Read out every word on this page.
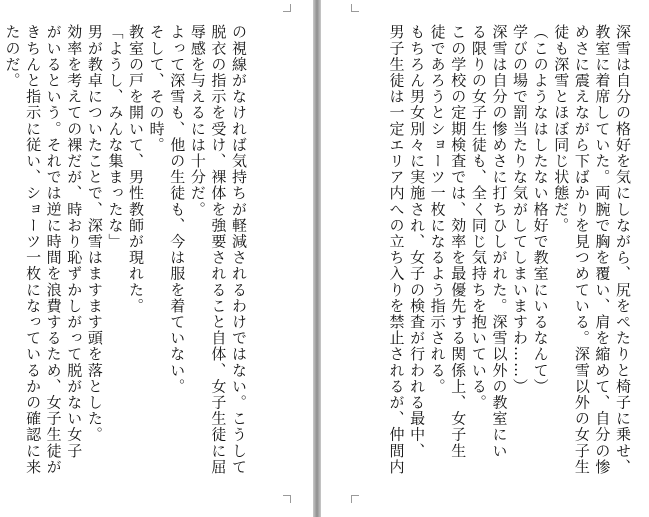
の視線がなければ気持ちが軽減されるわけではない。こうして
脱衣の指示を受け、裸体を強要されること自体、女子生徒に屈
辱感を与えるには十分だ。
よって深雪も、他の生徒も、今は服を着ていない。
そして、その時。
教室の戸を開いて、男性教師が現れた。
「ようし、みんな集まったな」
男が教卓についたことで、深雪はますます頭を落とした。
効率を考えての裸だが、時おり恥ずかしがって脱がない女子
がいるという。それでは逆に時間を浪費するため、女子生徒が
きちんと指示に従い、ショーツ一枚になっているかの確認に来
たのだ。	深雪は自分の格好を気にしながら、尻をぺたりと椅子に乗せ、
教室に着席していた。両腕で胸を覆い、肩を縮めて、自分の惨
めさに震えながら下ばかりを見つめている。深雪以外の女子生
徒も深雪とほぼ同じ状態だ。
（このようなはしたない格好で教室にいるなんて）
学びの場で罰当たりな気がしてしまいますわ……）
深雪は自分の惨めさに打ちひしがれた。深雪以外の教室にい
る限りの女子生徒も、全く同じ気持ちを抱いている。
この学校の定期検査では、効率を最優先する関係上、女子生
徒であろうとショーツ一枚になるよう指示される。
もちろん男女別々に実施され、女子の検査が行われる最中、
男子生徒は一定エリア内への立ち入りを禁止されるが、仲間内
